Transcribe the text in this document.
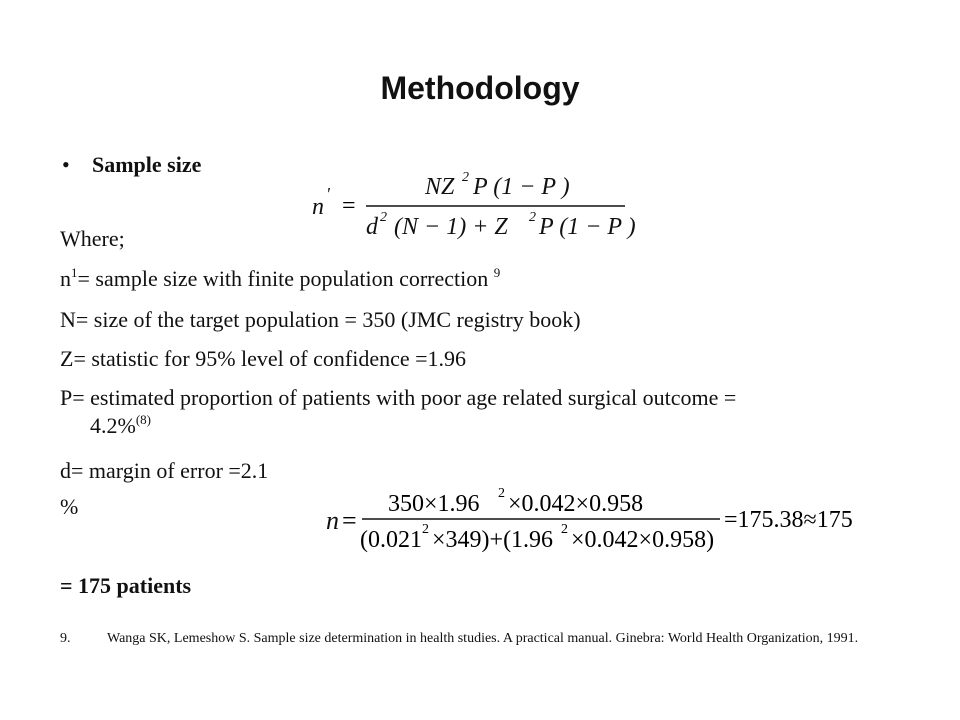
Methodology
• Sample size
n ' =
NZ 2 P (1 − P )
d 2 (N − 1) + Z 2 P (1 − P )
Where;
$n^1=$ sample size with finite population correction $^9$
N= size of the target population = 350 (JMC registry book)
Z= statistic for 95% level of confidence =1.96
P= estimated proportion of patients with poor age related surgical outcome =
4.2%$^{(8)}$
d= margin of error =2.1
%	n =
350×1.96 2 ×0.042×0.958
(0.021 2 ×349)+(1.96 2 ×0.042×0.958)
=175.38≈175
= 175 patients
9.	Wanga SK, Lemeshow S. Sample size determination in health studies. A practical manual. Ginebra: World Health Organization, 1991.
